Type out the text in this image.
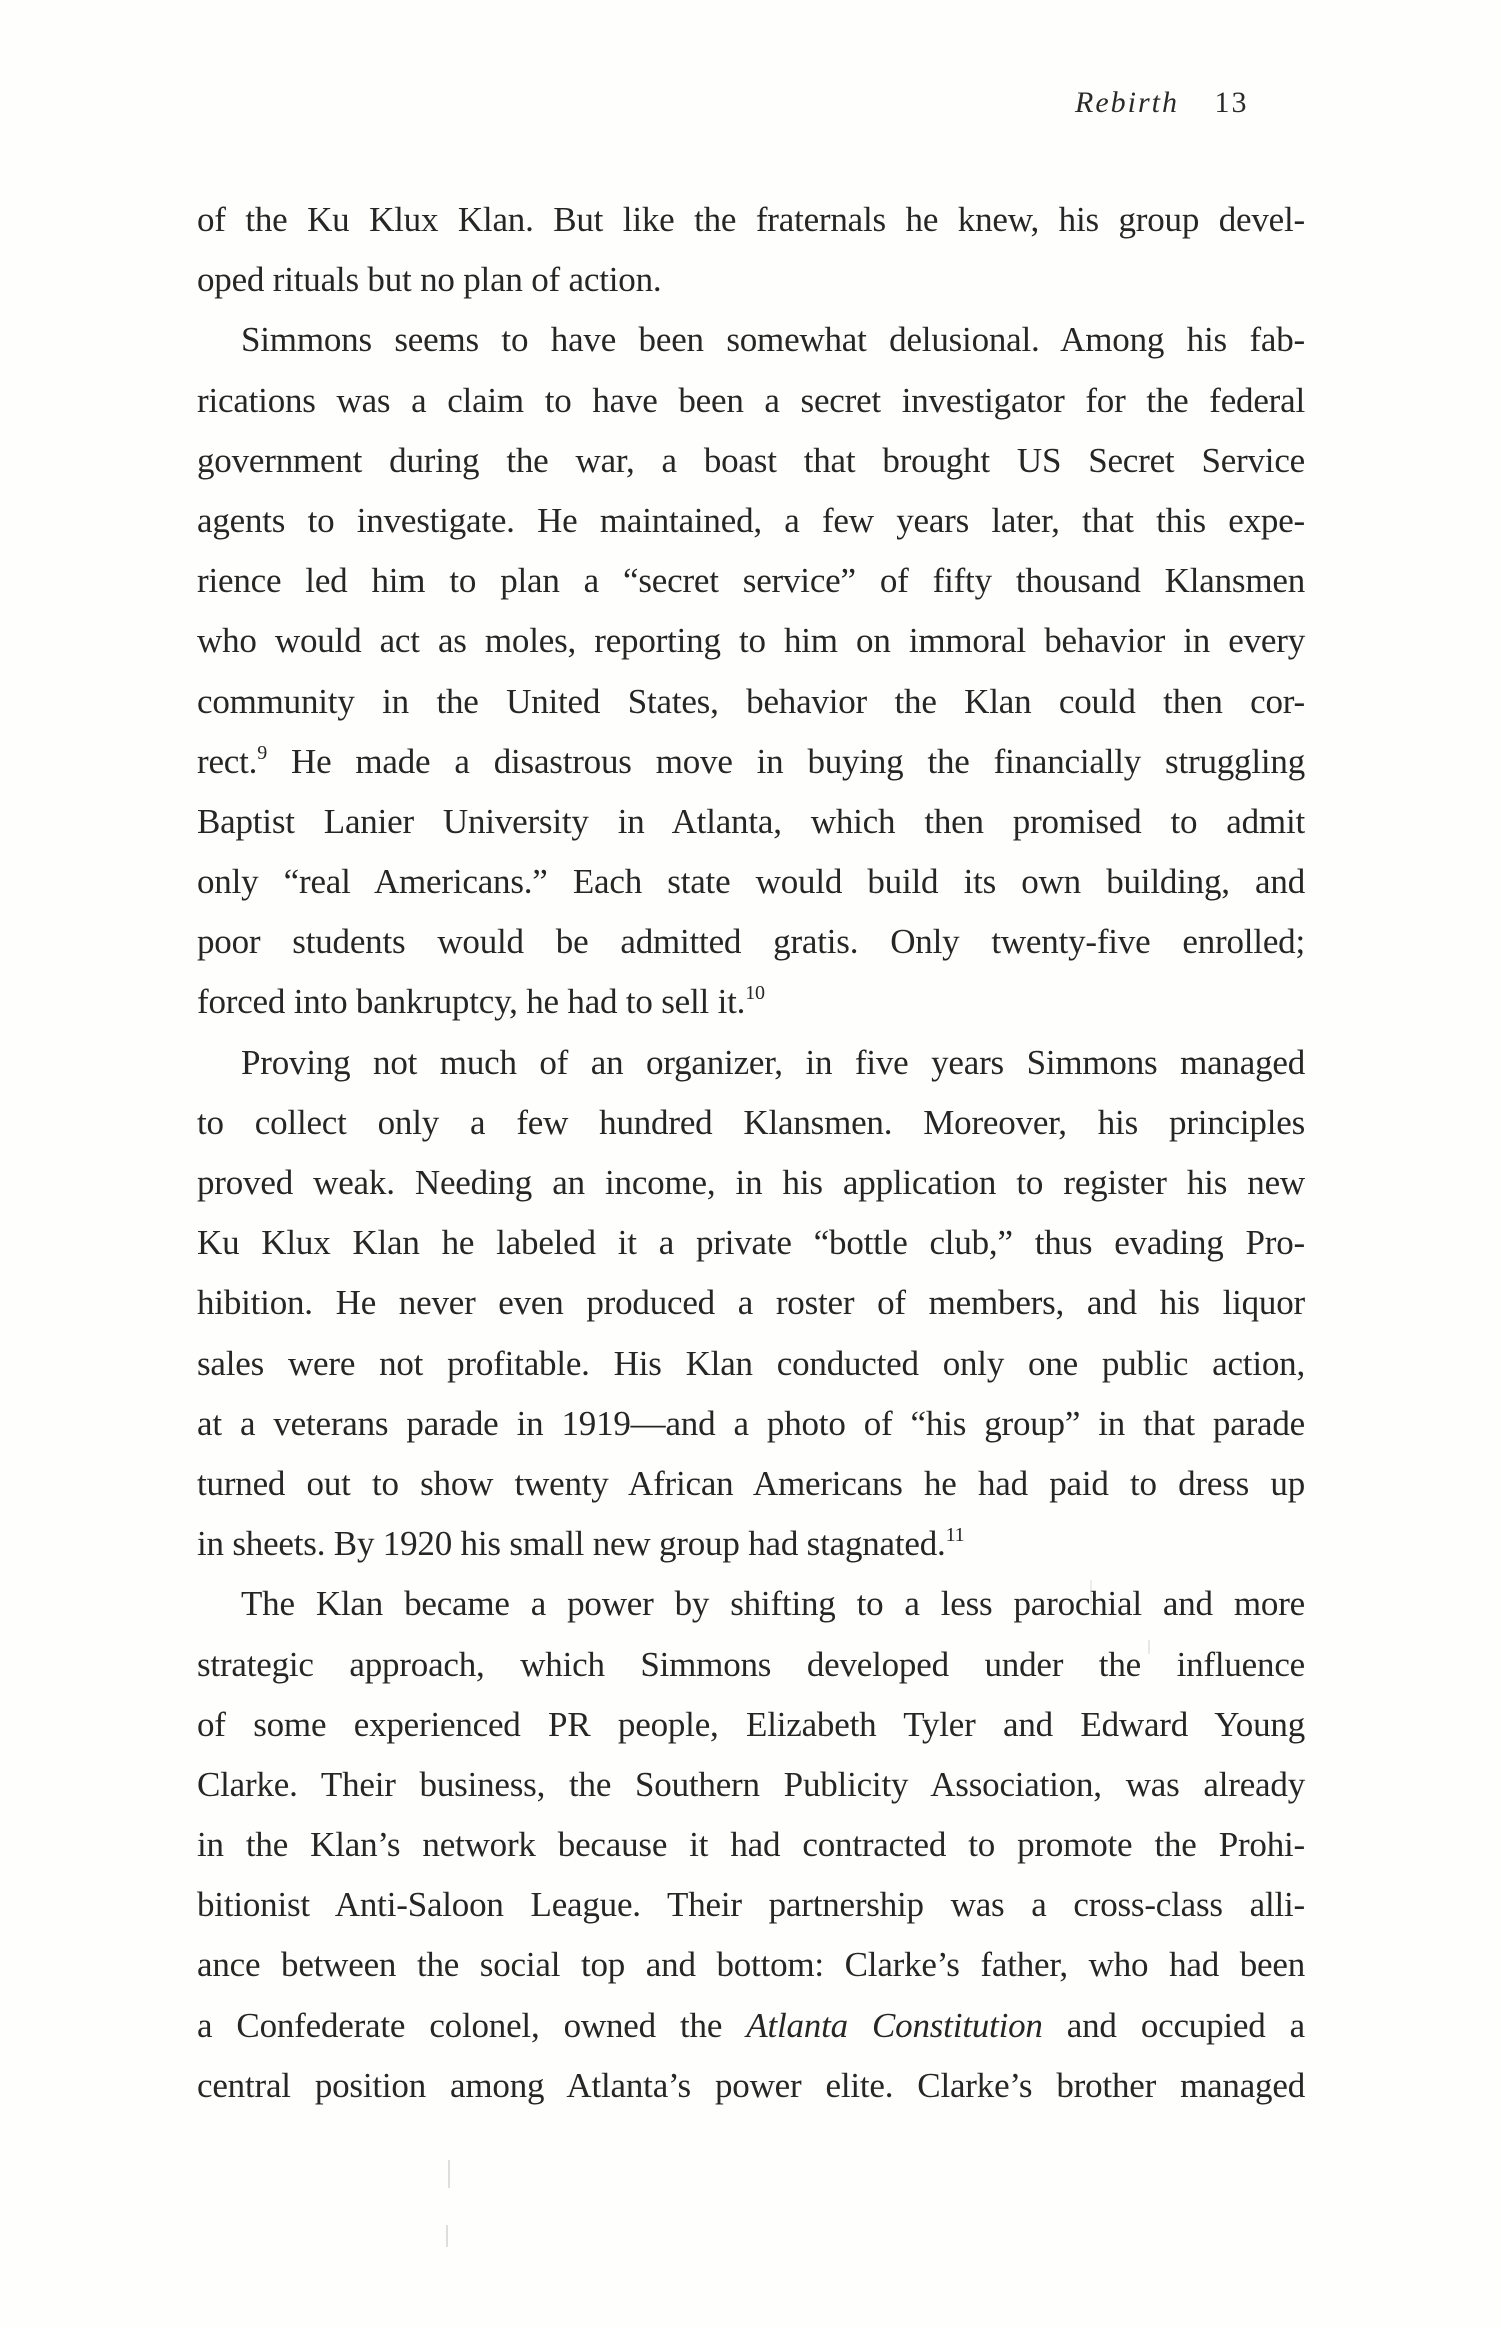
Rebirth 13
of the Ku Klux Klan. But like the fraternals he knew, his group devel-
oped rituals but no plan of action.
Simmons seems to have been somewhat delusional. Among his fab-
rications was a claim to have been a secret investigator for the federal
government during the war, a boast that brought US Secret Service
agents to investigate. He maintained, a few years later, that this expe-
rience led him to plan a “secret service” of fifty thousand Klansmen
who would act as moles, reporting to him on immoral behavior in every
community in the United States, behavior the Klan could then cor-
rect.$^9$ He made a disastrous move in buying the financially struggling
Baptist Lanier University in Atlanta, which then promised to admit
only “real Americans.” Each state would build its own building, and
poor students would be admitted gratis. Only twenty-five enrolled;
forced into bankruptcy, he had to sell it.$^{10}$
Proving not much of an organizer, in five years Simmons managed
to collect only a few hundred Klansmen. Moreover, his principles
proved weak. Needing an income, in his application to register his new
Ku Klux Klan he labeled it a private “bottle club,” thus evading Pro-
hibition. He never even produced a roster of members, and his liquor
sales were not profitable. His Klan conducted only one public action,
at a veterans parade in 1919—and a photo of “his group” in that parade
turned out to show twenty African Americans he had paid to dress up
in sheets. By 1920 his small new group had stagnated.$^{11}$
The Klan became a power by shifting to a less parochial and more
strategic approach, which Simmons developed under the influence
of some experienced PR people, Elizabeth Tyler and Edward Young
Clarke. Their business, the Southern Publicity Association, was already
in the Klan’s network because it had contracted to promote the Prohi-
bitionist Anti-Saloon League. Their partnership was a cross-class alli-
ance between the social top and bottom: Clarke’s father, who had been
a Confederate colonel, owned the Atlanta Constitution and occupied a
central position among Atlanta’s power elite. Clarke’s brother managed
